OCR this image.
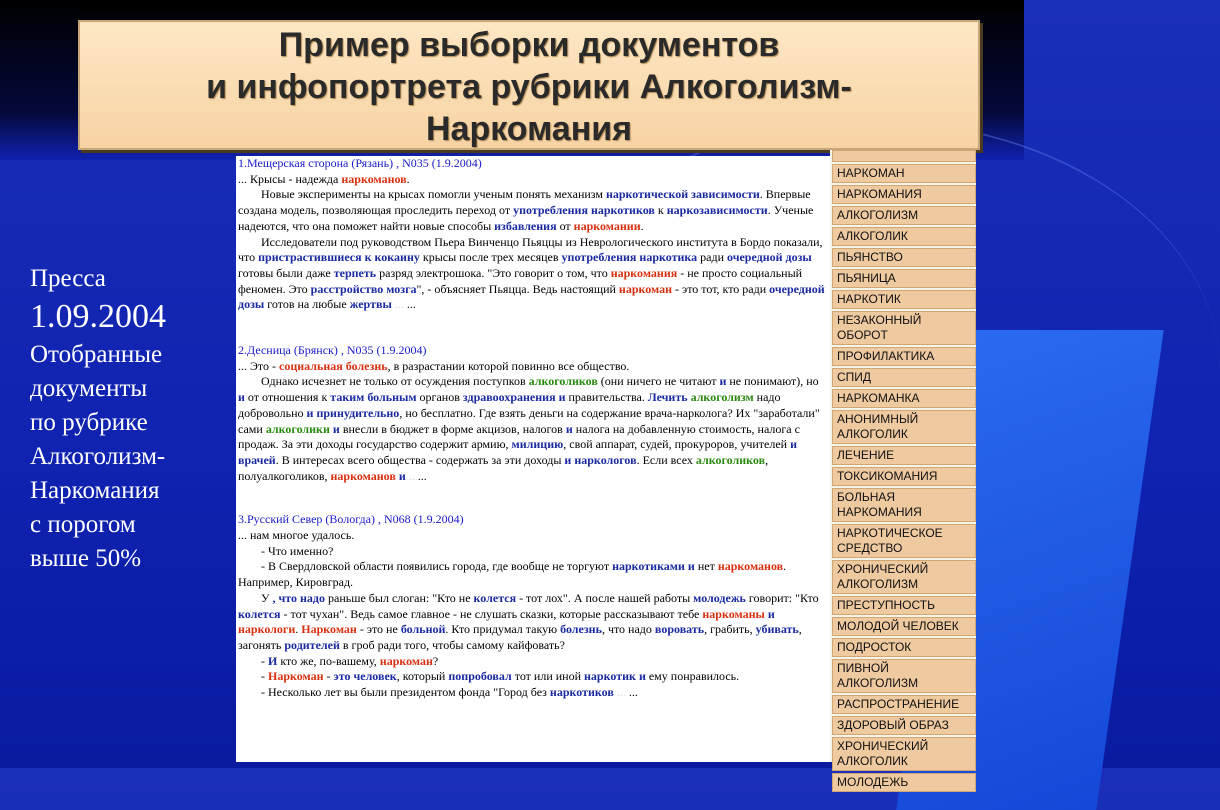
Пример выборки документов
и инфопортрета рубрики Алкоголизм-
Наркомания
Пресса
1.09.2004
Отобранные
документы
по рубрике
Алкоголизм-
Наркомания
с порогом
выше 50%

1.Мещерская сторона (Рязань) , N035 (1.9.2004)

... Крысы - надежда наркоманов.

Новые эксперименты на крысах помогли ученым понять механизм наркотической зависимости. Впервые создана модель, позволяющая проследить переход от употребления наркотиков к наркозависимости. Ученые надеются, что она поможет найти новые способы избавления от наркомании.

Исследователи под руководством Пьера Винченцо Пьяццы из Неврологического института в Бордо показали, что пристрастившиеся к кокаину крысы после трех месяцев употребления наркотика ради очередной дозы готовы были даже терпеть разряд электрошока. "Это говорит о том, что наркомания - не просто социальный феномен. Это расстройство мозга", - объясняет Пьяцца. Ведь настоящий наркоман - это тот, кто ради очередной дозы готов на любые жертвы ... ...

2.Десница (Брянск) , N035 (1.9.2004)

... Это - социальная болезнь, в разрастании которой повинно все общество.

Однако исчезнет не только от осуждения поступков алкоголиков (они ничего не читают и не понимают), но и от отношения к таким больным органов здравоохранения и правительства. Лечить алкоголизм надо добровольно и принудительно, но бесплатно. Где взять деньги на содержание врача-нарколога? Их "заработали" сами алкоголики и внесли в бюджет в форме акцизов, налогов и налога на добавленную стоимость, налога с продаж. За эти доходы государство содержит армию, милицию, свой аппарат, судей, прокуроров, учителей и врачей. В интересах всего общества - содержать за эти доходы и наркологов. Если всех алкоголиков, полуалкоголиков, наркоманов и ......

3.Русский Север (Вологда) , N068 (1.9.2004)

... нам многое удалось.

- Что именно?

- В Свердловской области появились города, где вообще не торгуют наркотиками и нет наркоманов. Например, Кировград.

У , что надо раньше был слоган: "Кто не колется - тот лох". А после нашей работы молодежь говорит: "Кто колется - тот чухан". Ведь самое главное - не слушать сказки, которые рассказывают тебе наркоманы и наркологи. Наркоман - это не больной. Кто придумал такую болезнь, что надо воровать, грабить, убивать, загонять родителей в гроб ради того, чтобы самому кайфовать?

- И кто же, по-вашему, наркоман?

- Наркоман - это человек, который попробовал тот или иной наркотик и ему понравилось.

- Несколько лет вы были президентом фонда "Город без наркотиков ... ...

НАРКОМАН
НАРКОМАНИЯ
АЛКОГОЛИЗМ
АЛКОГОЛИК
ПЬЯНСТВО
ПЬЯНИЦА
НАРКОТИК
НЕЗАКОННЫЙ ОБОРОТ
ПРОФИЛАКТИКА
СПИД
НАРКОМАНКА
АНОНИМНЫЙ АЛКОГОЛИК
ЛЕЧЕНИЕ
ТОКСИКОМАНИЯ
БОЛЬНАЯ НАРКОМАНИЯ
НАРКОТИЧЕСКОЕ СРЕДСТВО
ХРОНИЧЕСКИЙ АЛКОГОЛИЗМ
ПРЕСТУПНОСТЬ
МОЛОДОЙ ЧЕЛОВЕК
ПОДРОСТОК
ПИВНОЙ АЛКОГОЛИЗМ
РАСПРОСТРАНЕНИЕ
ЗДОРОВЫЙ ОБРАЗ
ХРОНИЧЕСКИЙ АЛКОГОЛИК
МОЛОДЕЖЬ
